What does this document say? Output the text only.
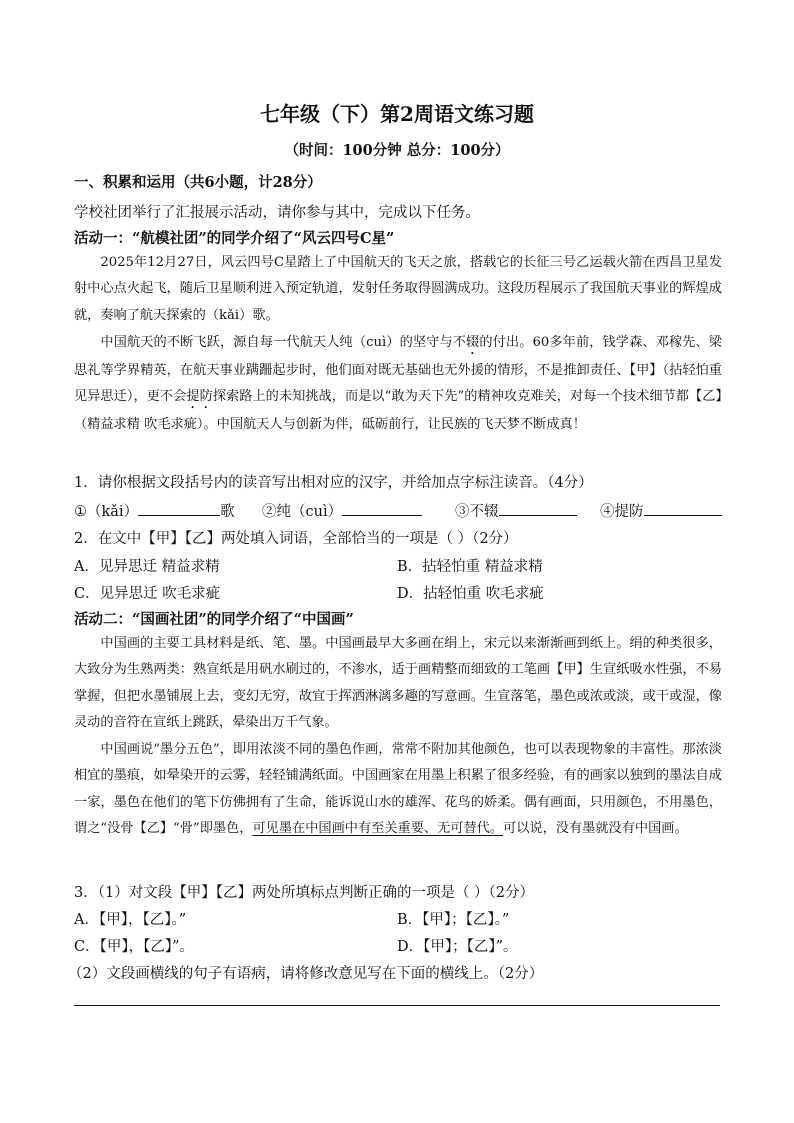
七年级（下）第2周语文练习题
（时间：100分钟 总分：100分）
一、积累和运用（共6小题，计28分）
学校社团举行了汇报展示活动，请你参与其中，完成以下任务。
活动一：“航模社团”的同学介绍了“风云四号C星”

2025年12月27日，风云四号C星踏上了中国航天的飞天之旅，搭载它的长征三号乙运载火箭在西昌卫星发射中心点火起飞，随后卫星顺利进入预定轨道，发射任务取得圆满成功。这段历程展示了我国航天事业的辉煌成就，奏响了航天探索的（kǎi）歌。

中国航天的不断飞跃，源自每一代航天人纯（cuì）的坚守与不辍的付出。60多年前，钱学森、邓稼先、梁思礼等学界精英，在航天事业蹒跚起步时，他们面对既无基础也无外援的情形，不是推卸责任、【甲】（拈轻怕重 见异思迁），更不会提防探索路上的未知挑战，而是以“敢为天下先”的精神攻克难关，对每一个技术细节都【乙】（精益求精 吹毛求疵）。中国航天人与创新为伴，砥砺前行，让民族的飞天梦不断成真！

1．请你根据文段括号内的读音写出相对应的汉字，并给加点字标注读音。（4分）
①（kǎi）	歌 ②纯（cuì）	③不辍	④提防
2．在文中【甲】【乙】两处填入词语，全部恰当的一项是（ ）（2分）
A．见异思迁 精益求精	B．拈轻怕重 精益求精
C．见异思迁 吹毛求疵	D．拈轻怕重 吹毛求疵
活动二：“国画社团”的同学介绍了“中国画”

中国画的主要工具材料是纸、笔、墨。中国画最早大多画在绢上，宋元以来渐渐画到纸上。绢的种类很多，大致分为生熟两类：熟宣纸是用矾水刷过的，不渗水，适于画精整而细致的工笔画【甲】生宣纸吸水性强，不易掌握，但把水墨铺展上去，变幻无穷，故宜于挥洒淋漓多趣的写意画。生宣落笔，墨色或浓或淡，或干或湿，像灵动的音符在宣纸上跳跃，晕染出万千气象。

中国画说“墨分五色”，即用浓淡不同的墨色作画，常常不附加其他颜色，也可以表现物象的丰富性。那浓淡相宜的墨痕，如晕染开的云雾，轻轻铺满纸面。中国画家在用墨上积累了很多经验，有的画家以独到的墨法自成一家，墨色在他们的笔下仿佛拥有了生命，能诉说山水的雄浑、花鸟的娇柔。偶有画面，只用颜色，不用墨色，谓之“没骨【乙】“骨”即墨色，可见墨在中国画中有至关重要、无可替代。可以说，没有墨就没有中国画。

3．（1）对文段【甲】【乙】两处所填标点判断正确的一项是（ ）（2分）
A．【甲】，【乙】。”	B．【甲】；【乙】。”
C．【甲】，【乙】”。	D．【甲】；【乙】”。
（2）文段画横线的句子有语病，请将修改意见写在下面的横线上。（2分）
